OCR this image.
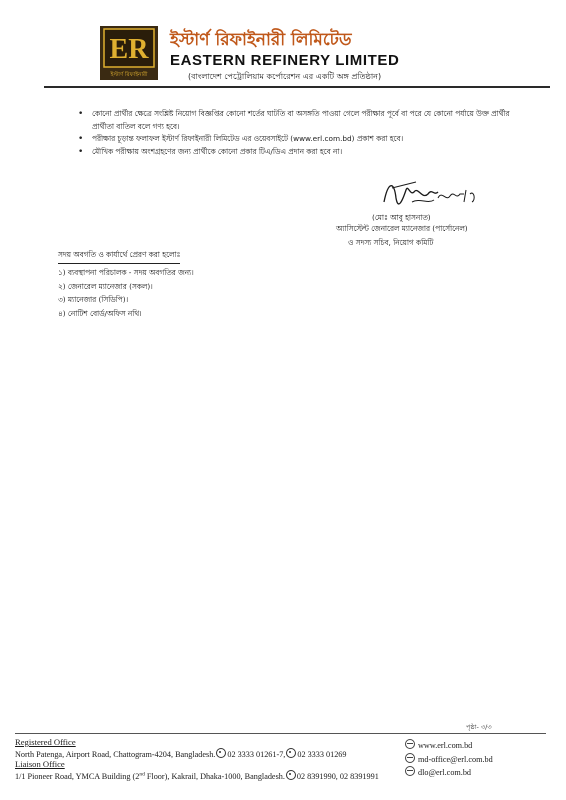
ER
ইস্টার্ণ রিফাইনারী
ইস্টার্ণ রিফাইনারী লিমিটেড
EASTERN REFINERY LIMITED
(বাংলাদেশ পেট্রোলিয়াম কর্পোরেশন এর একটি অঙ্গ প্রতিষ্ঠান)
• কোনো প্রার্থীর ক্ষেত্রে সংশ্লিষ্ট নিয়োগ বিজ্ঞপ্তির কোনো শর্তের ঘাটতি বা অসঙ্গতি পাওয়া গেলে পরীক্ষার পূর্বে বা পরে যে কোনো পর্যায়ে উক্ত প্রার্থীর প্রার্থীতা বাতিল বলে গণ্য হবে।
• পরীক্ষার চূড়ান্ত ফলাফল ইস্টার্ণ রিফাইনারী লিমিটেড এর ওয়েবসাইটে (www.erl.com.bd) প্রকাশ করা হবে।
• মৌখিক পরীক্ষায় অংশগ্রহণের জন্য প্রার্থীকে কোনো প্রকার টিএ/ডিএ প্রদান করা হবে না।
(মোঃ আবু হাসনাত)
অ্যাসিস্টেন্ট জেনারেল ম্যানেজার (পার্সোনেল)
ও সদস্য সচিব, নিয়োগ কমিটি
সদয় অবগতি ও কার্যার্থে প্রেরণ করা হলোঃ
১) ব্যবস্থাপনা পরিচালক - সদয় অবগতির জন্য।
২) জেনারেল ম্যানেজার (সকল)।
৩) ম্যানেজার (সিডিপি)।
৪) নোটিশ বোর্ড/অফিস নথি।
পৃষ্ঠা- ৩/৩
Registered Office
North Patenga, Airport Road, Chattogram-4204, Bangladesh. 02 3333 01261-7, 02 3333 01269
Liaison Office
1/1 Pioneer Road, YMCA Building (2nd Floor), Kakrail, Dhaka-1000, Bangladesh. 02 8391990, 02 8391991
www.erl.com.bd
md-office@erl.com.bd
dlo@erl.com.bd
